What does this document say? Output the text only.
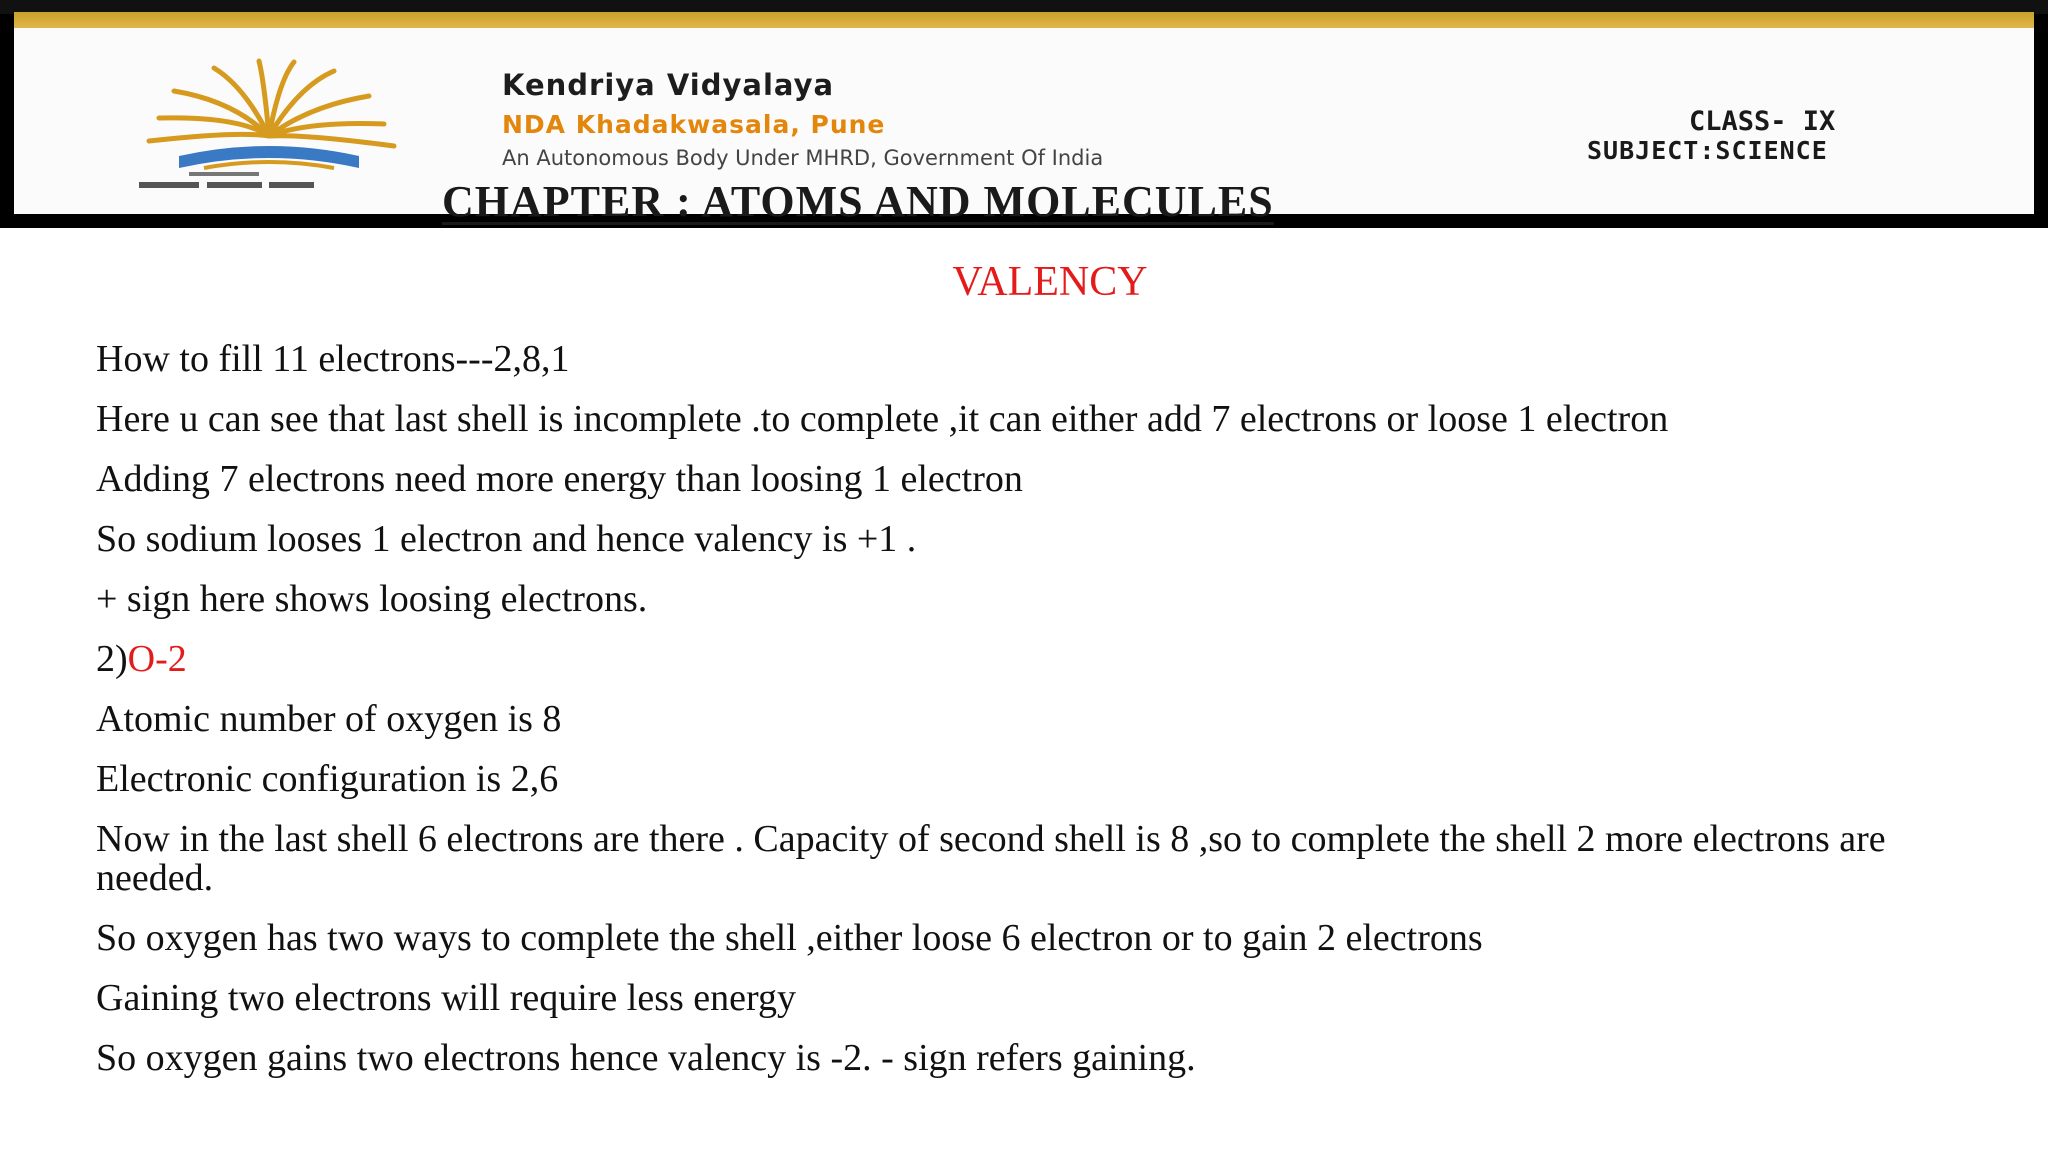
Kendriya Vidyalaya
NDA Khadakwasala, Pune
An Autonomous Body Under MHRD, Government Of India
CHAPTER : ATOMS AND MOLECULES
CLASS- IX
SUBJECT:SCIENCE
VALENCY
How to fill 11 electrons---2,8,1
Here u can see that last shell is incomplete .to complete ,it can either add 7 electrons or loose 1 electron
Adding 7 electrons need more energy than loosing 1 electron
So sodium looses 1 electron and hence valency is +1 .
+ sign here shows loosing electrons.
2)O-2
Atomic number of oxygen is 8
Electronic configuration is 2,6
Now in the last shell 6 electrons are there . Capacity of second shell is 8 ,so to complete the shell 2 more electrons are needed.
So oxygen has two ways to complete the shell ,either loose 6 electron or to gain 2 electrons
Gaining two electrons will require less energy
So oxygen gains two electrons hence valency is -2. - sign refers gaining.
